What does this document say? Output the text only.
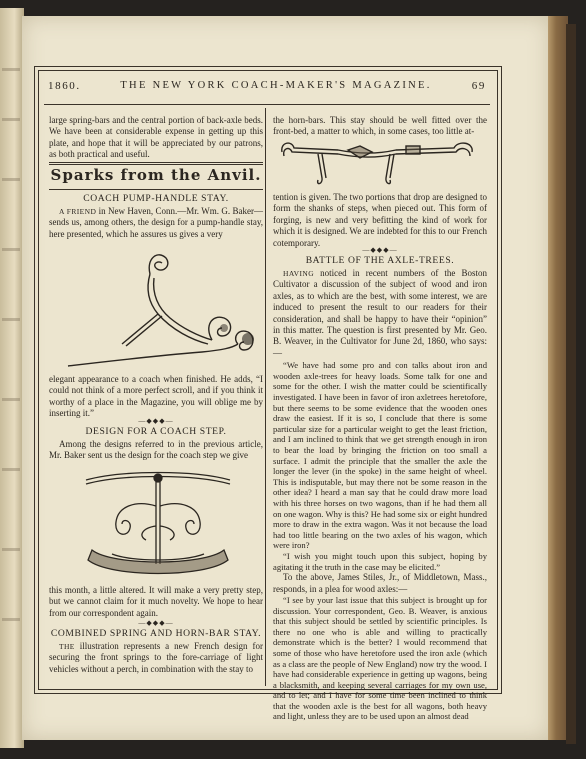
1860.	THE NEW YORK COACH-MAKER'S MAGAZINE.	69

large spring-bars and the central portion of back-axle beds. We have been at considerable expense in getting up this plate, and hope that it will be appreciated by our patrons, as both practical and useful.

Sparks from the Anvil.
COACH PUMP-HANDLE STAY.

A FRIEND in New Haven, Conn.—Mr. Wm. G. Baker—sends us, among others, the design for a pump-handle stay, here presented, which he assures us gives a very

elegant appearance to a coach when finished. He adds, “I could not think of a more perfect scroll, and if you think it worthy of a place in the Magazine, you will oblige me by inserting it.”

—◆◆◆—
DESIGN FOR A COACH STEP.

Among the designs referred to in the previous article, Mr. Baker sent us the design for the coach step we give

this month, a little altered. It will make a very pretty step, but we cannot claim for it much novelty. We hope to hear from our correspondent again.

—◆◆◆—
COMBINED SPRING AND HORN-BAR STAY.

THE illustration represents a new French design for securing the front springs to the fore-carriage of light vehicles without a perch, in combination with the stay to

the horn-bars. This stay should be well fitted over the front-bed, a matter to which, in some cases, too little at-

tention is given. The two portions that drop are designed to form the shanks of steps, when pieced out. This form of forging, is new and very befitting the kind of work for which it is designed. We are indebted for this to our French cotemporary.

—◆◆◆—
BATTLE OF THE AXLE-TREES.

HAVING noticed in recent numbers of the Boston Cultivator a discussion of the subject of wood and iron axles, as to which are the best, with some interest, we are induced to present the result to our readers for their consideration, and shall be happy to have their “opinion” in this matter. The question is first presented by Mr. Geo. B. Weaver, in the Cultivator for June 2d, 1860, who says:—

“We have had some pro and con talks about iron and wooden axle-trees for heavy loads. Some talk for one and some for the other. I wish the matter could be scientifically investigated. I have been in favor of iron axletrees heretofore, but there seems to be some evidence that the wooden ones draw the easiest. If it is so, I conclude that there is some particular size for a particular weight to get the least friction, and I am inclined to think that we get strength enough in iron to bear the load by bringing the friction on too small a surface. I admit the principle that the smaller the axle the longer the lever (in the spoke) in the same height of wheel. This is indisputable, but may there not be some reason in the other idea? I heard a man say that he could draw more load with his three horses on two wagons, than if he had them all on one wagon. Why is this? He had some six or eight hundred more to draw in the extra wagon. Was it not because the load had too little bearing on the two axles of his wagon, which were iron?

“I wish you might touch upon this subject, hoping by agitating it the truth in the case may be elicited.”

To the above, James Stiles, Jr., of Middletown, Mass., responds, in a plea for wood axles:—

“I see by your last issue that this subject is brought up for discussion. Your correspondent, Geo. B. Weaver, is anxious that this subject should be settled by scientific principles. Is there no one who is able and willing to practically demonstrate which is the better? I would recommend that some of those who have heretofore used the iron axle (which as a class are the people of New England) now try the wood. I have had considerable experience in getting up wagons, being a blacksmith, and keeping several carriages for my own use, and to let; and I have for some time been inclined to think that the wooden axle is the best for all wagons, both heavy and light, unless they are to be used upon an almost dead
